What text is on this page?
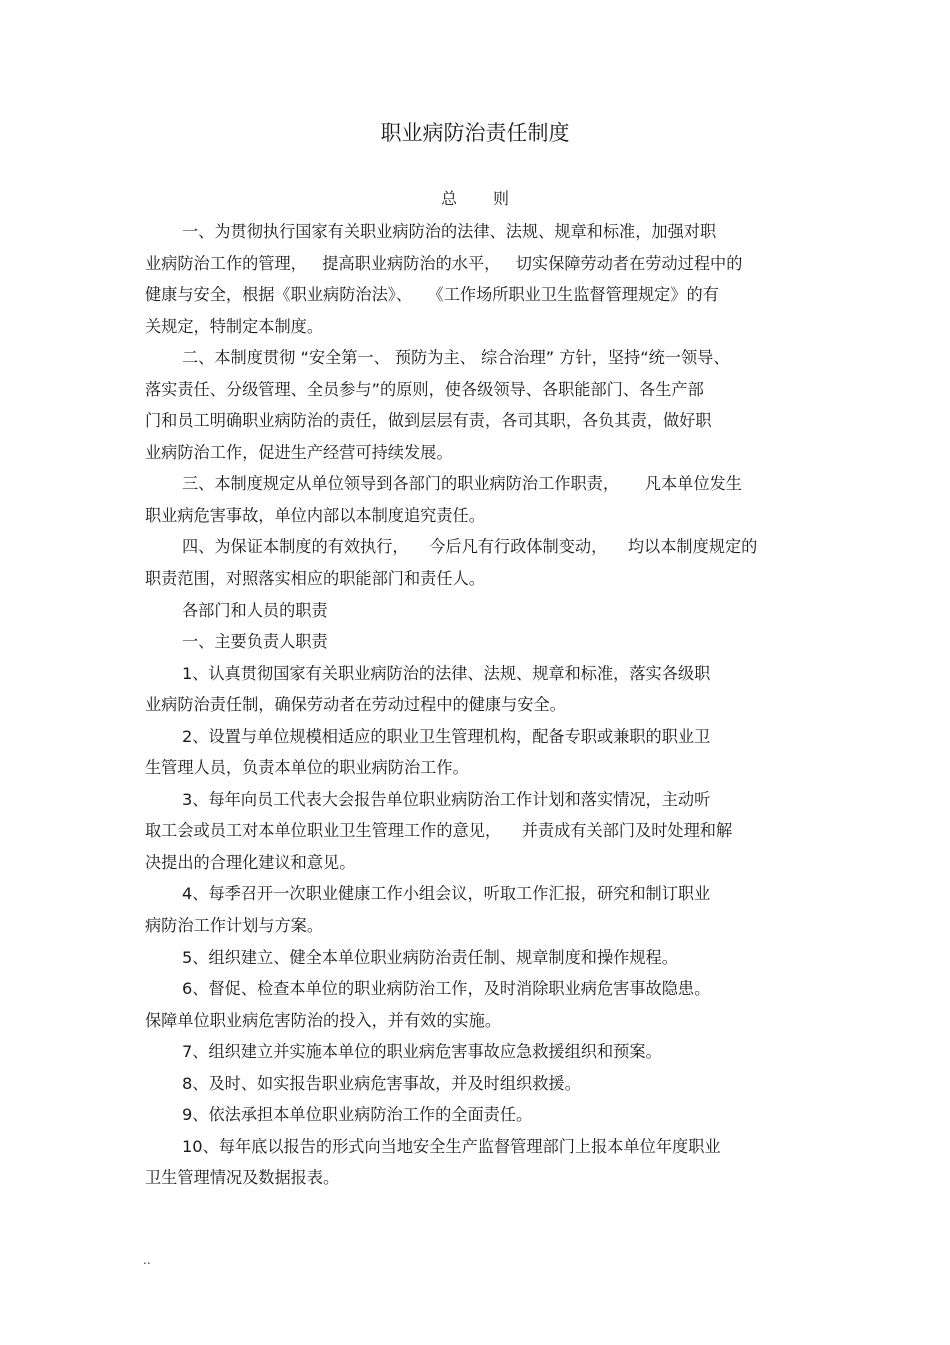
职业病防治责任制度
总 则
一、为贯彻执行国家有关职业病防治的法律、法规、规章和标准，加强对职
业病防治工作的管理，   提高职业病防治的水平，   切实保障劳动者在劳动过程中的
健康与安全，根据《职业病防治法》、   《工作场所职业卫生监督管理规定》的有
关规定，特制定本制度。
二、本制度贯彻 “安全第一、 预防为主、 综合治理” 方针，坚持“统一领导、
落实责任、分级管理、全员参与”的原则，使各级领导、各职能部门、各生产部
门和员工明确职业病防治的责任，做到层层有责，各司其职，各负其责，做好职
业病防治工作，促进生产经营可持续发展。
三、本制度规定从单位领导到各部门的职业病防治工作职责，     凡本单位发生
职业病危害事故，单位内部以本制度追究责任。
四、为保证本制度的有效执行，    今后凡有行政体制变动，    均以本制度规定的
职责范围，对照落实相应的职能部门和责任人。
各部门和人员的职责
一、主要负责人职责
1、认真贯彻国家有关职业病防治的法律、法规、规章和标准，落实各级职
业病防治责任制，确保劳动者在劳动过程中的健康与安全。
2、设置与单位规模相适应的职业卫生管理机构，配备专职或兼职的职业卫
生管理人员，负责本单位的职业病防治工作。
3、每年向员工代表大会报告单位职业病防治工作计划和落实情况，主动听
取工会或员工对本单位职业卫生管理工作的意见，    并责成有关部门及时处理和解
决提出的合理化建议和意见。
4、每季召开一次职业健康工作小组会议，听取工作汇报，研究和制订职业
病防治工作计划与方案。
5、组织建立、健全本单位职业病防治责任制、规章制度和操作规程。
6、督促、检查本单位的职业病防治工作，及时消除职业病危害事故隐患。
保障单位职业病危害防治的投入，并有效的实施。
7、组织建立并实施本单位的职业病危害事故应急救援组织和预案。
8、及时、如实报告职业病危害事故，并及时组织救援。
9、依法承担本单位职业病防治工作的全面责任。
10、每年底以报告的形式向当地安全生产监督管理部门上报本单位年度职业
卫生管理情况及数据报表。
..
